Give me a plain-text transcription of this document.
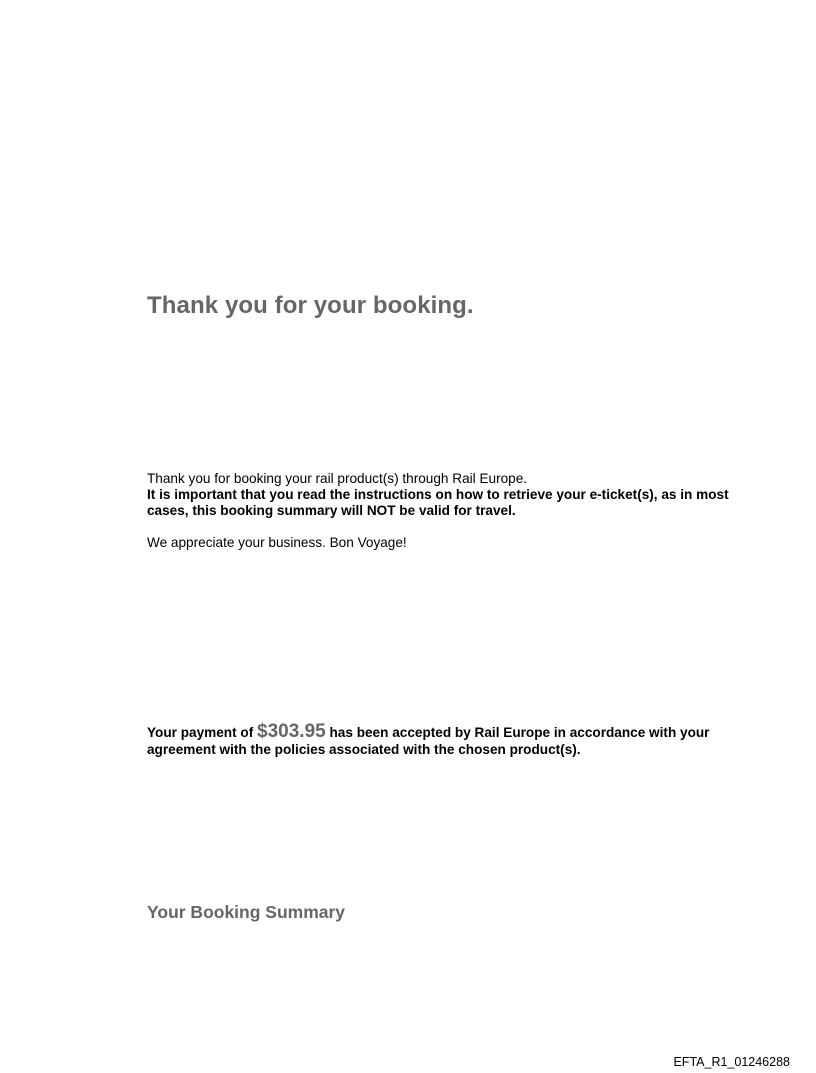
Thank you for your booking.

Thank you for booking your rail product(s) through Rail Europe.

It is important that you read the instructions on how to retrieve your e-ticket(s), as in most cases, this booking summary will NOT be valid for travel.

We appreciate your business. Bon Voyage!

Your payment of $303.95 has been accepted by Rail Europe in accordance with your agreement with the policies associated with the chosen product(s).

Your Booking Summary
EFTA_R1_01246288
